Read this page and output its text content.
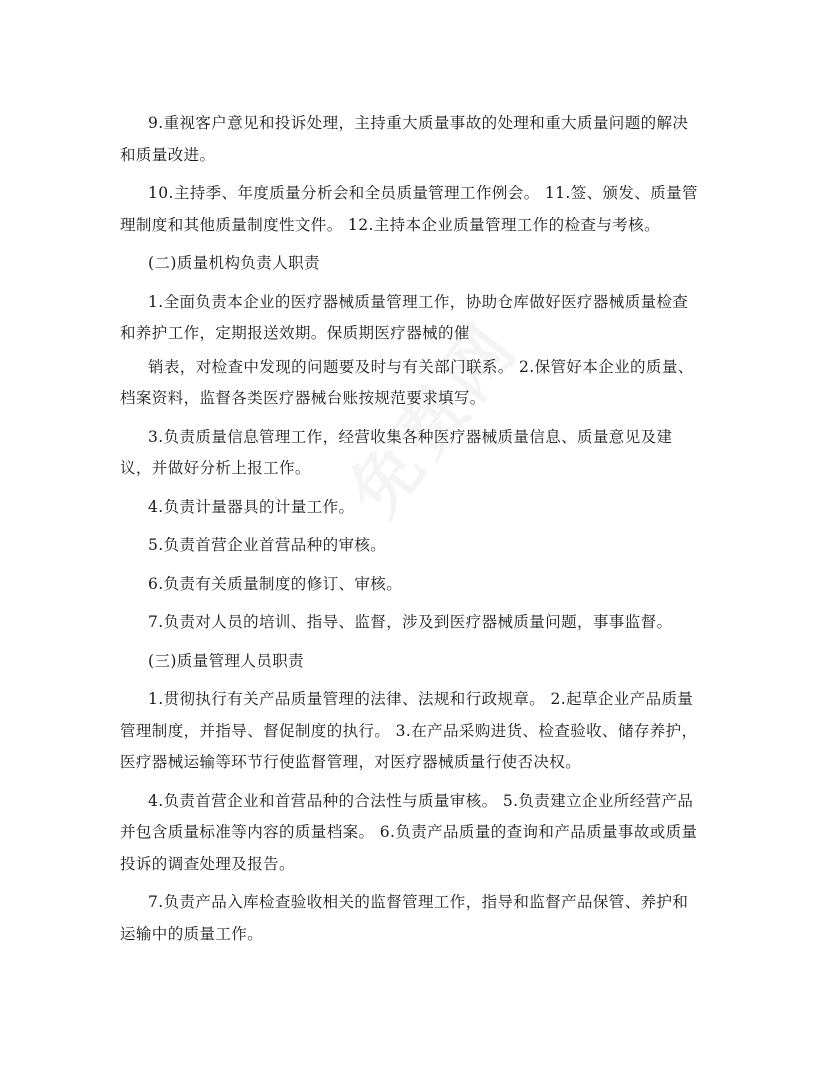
9.重视客户意见和投诉处理，主持重大质量事故的处理和重大质量问题的解决和质量改进。

10.主持季、年度质量分析会和全员质量管理工作例会。 11.签、颁发、质量管理制度和其他质量制度性文件。 12.主持本企业质量管理工作的检查与考核。

(二)质量机构负责人职责

1.全面负责本企业的医疗器械质量管理工作，协助仓库做好医疗器械质量检查和养护工作，定期报送效期。保质期医疗器械的催

销表，对检查中发现的问题要及时与有关部门联系。 2.保管好本企业的质量、档案资料，监督各类医疗器械台账按规范要求填写。

3.负责质量信息管理工作，经营收集各种医疗器械质量信息、质量意见及建议，并做好分析上报工作。

4.负责计量器具的计量工作。

5.负责首营企业首营品种的审核。

6.负责有关质量制度的修订、审核。

7.负责对人员的培训、指导、监督，涉及到医疗器械质量问题，事事监督。

(三)质量管理人员职责

1.贯彻执行有关产品质量管理的法律、法规和行政规章。 2.起草企业产品质量管理制度，并指导、督促制度的执行。 3.在产品采购进货、检查验收、储存养护，医疗器械运输等环节行使监督管理，对医疗器械质量行使否决权。

4.负责首营企业和首营品种的合法性与质量审核。 5.负责建立企业所经营产品并包含质量标准等内容的质量档案。 6.负责产品质量的查询和产品质量事故或质量投诉的调查处理及报告。

7.负责产品入库检查验收相关的监督管理工作，指导和监督产品保管、养护和运输中的质量工作。
